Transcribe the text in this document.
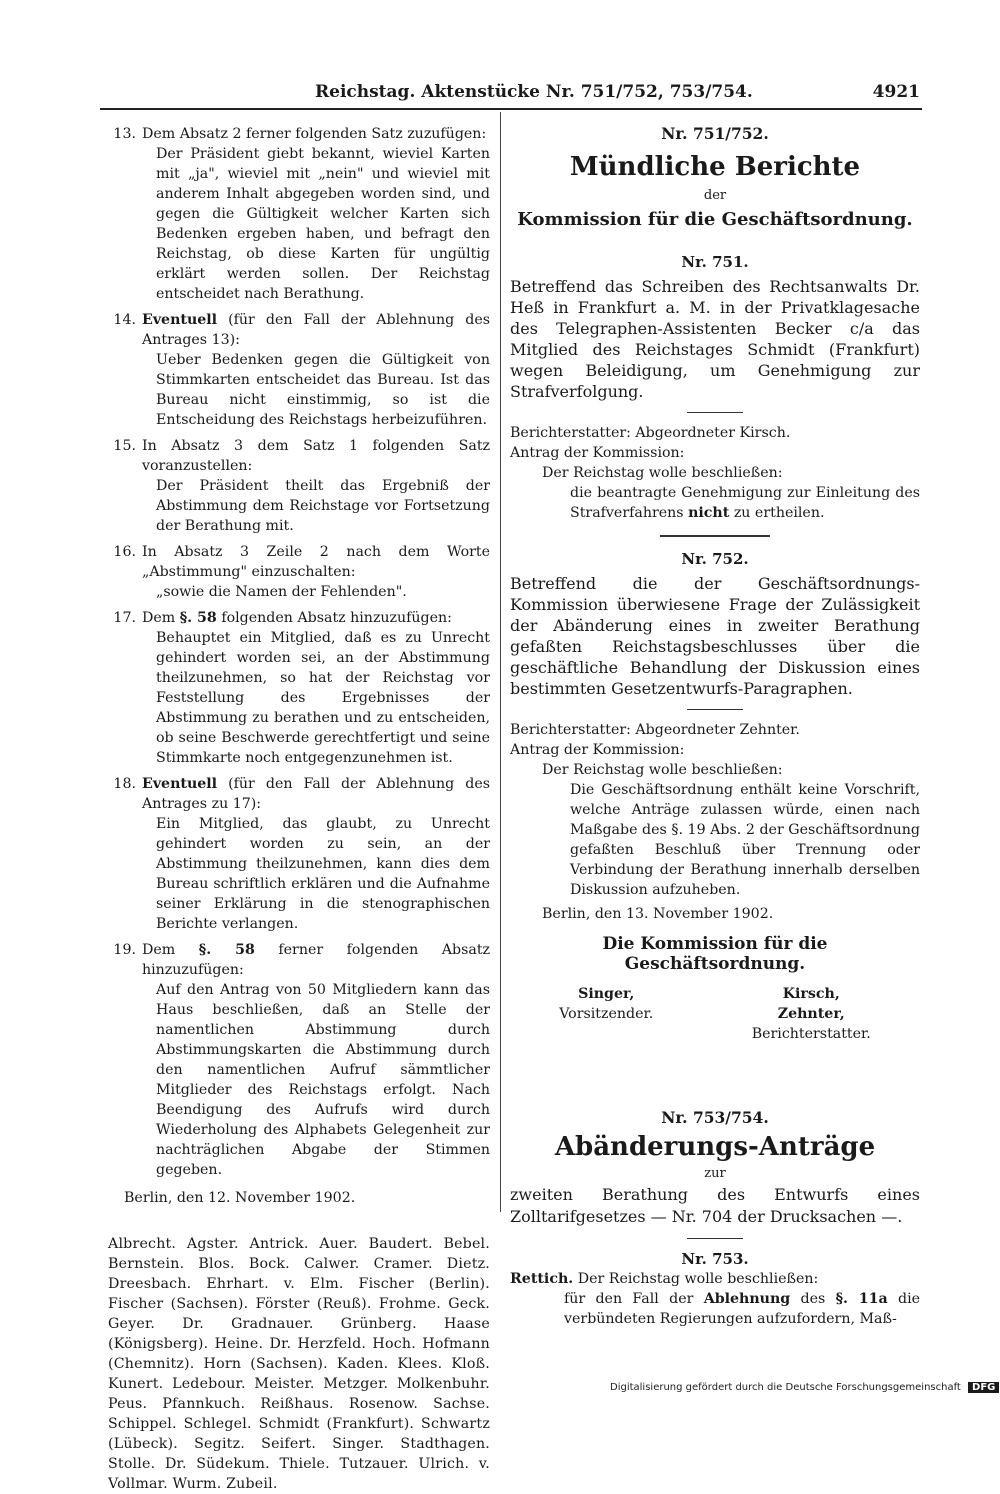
Reichstag. Aktenstücke Nr. 751/752, 753/754.	4921
13. Dem Absatz 2 ferner folgenden Satz zuzufügen:
Der Präsident giebt bekannt, wieviel Karten mit „ja", wieviel mit „nein" und wieviel mit anderem Inhalt abgegeben worden sind, und gegen die Gültigkeit welcher Karten sich Bedenken ergeben haben, und befragt den Reichstag, ob diese Karten für ungültig erklärt werden sollen. Der Reichstag entscheidet nach Berathung.
14. Eventuell (für den Fall der Ablehnung des Antrages 13):
Ueber Bedenken gegen die Gültigkeit von Stimmkarten entscheidet das Bureau. Ist das Bureau nicht einstimmig, so ist die Entscheidung des Reichstags herbeizuführen.
15. In Absatz 3 dem Satz 1 folgenden Satz voranzustellen:
Der Präsident theilt das Ergebniß der Abstimmung dem Reichstage vor Fortsetzung der Berathung mit.
16. In Absatz 3 Zeile 2 nach dem Worte „Abstimmung" einzuschalten:
„sowie die Namen der Fehlenden".
17. Dem §. 58 folgenden Absatz hinzuzufügen:
Behauptet ein Mitglied, daß es zu Unrecht gehindert worden sei, an der Abstimmung theilzunehmen, so hat der Reichstag vor Feststellung des Ergebnisses der Abstimmung zu berathen und zu entscheiden, ob seine Beschwerde gerechtfertigt und seine Stimmkarte noch entgegenzunehmen ist.
18. Eventuell (für den Fall der Ablehnung des Antrages zu 17):
Ein Mitglied, das glaubt, zu Unrecht gehindert worden zu sein, an der Abstimmung theilzunehmen, kann dies dem Bureau schriftlich erklären und die Aufnahme seiner Erklärung in die stenographischen Berichte verlangen.
19. Dem §. 58 ferner folgenden Absatz hinzuzufügen:
Auf den Antrag von 50 Mitgliedern kann das Haus beschließen, daß an Stelle der namentlichen Abstimmung durch Abstimmungskarten die Abstimmung durch den namentlichen Aufruf sämmtlicher Mitglieder des Reichstags erfolgt. Nach Beendigung des Aufrufs wird durch Wiederholung des Alphabets Gelegenheit zur nachträglichen Abgabe der Stimmen gegeben.
Berlin, den 12. November 1902.
Albrecht. Agster. Antrick. Auer. Baudert. Bebel. Bernstein. Blos. Bock. Calwer. Cramer. Dietz. Dreesbach. Ehrhart. v. Elm. Fischer (Berlin). Fischer (Sachsen). Förster (Reuß). Frohme. Geck. Geyer. Dr. Gradnauer. Grünberg. Haase (Königsberg). Heine. Dr. Herzfeld. Hoch. Hofmann (Chemnitz). Horn (Sachsen). Kaden. Klees. Kloß. Kunert. Ledebour. Meister. Metzger. Molkenbuhr. Peus. Pfannkuch. Reißhaus. Rosenow. Sachse. Schippel. Schlegel. Schmidt (Frankfurt). Schwartz (Lübeck). Segitz. Seifert. Singer. Stadthagen. Stolle. Dr. Südekum. Thiele. Tutzauer. Ulrich. v. Vollmar. Wurm. Zubeil.
Nr. 751/752.
Mündliche Berichte
der
Kommission für die Geschäftsordnung.
Nr. 751.
Betreffend das Schreiben des Rechtsanwalts Dr. Heß in Frankfurt a. M. in der Privatklagesache des Telegraphen-Assistenten Becker c/a das Mitglied des Reichstages Schmidt (Frankfurt) wegen Beleidigung, um Genehmigung zur Strafverfolgung.
Berichterstatter: Abgeordneter Kirsch.
Antrag der Kommission:
Der Reichstag wolle beschließen:
die beantragte Genehmigung zur Einleitung des Strafverfahrens nicht zu ertheilen.
Nr. 752.
Betreffend die der Geschäftsordnungs-Kommission überwiesene Frage der Zulässigkeit der Abänderung eines in zweiter Berathung gefaßten Reichstagsbeschlusses über die geschäftliche Behandlung der Diskussion eines bestimmten Gesetzentwurfs-Paragraphen.
Berichterstatter: Abgeordneter Zehnter.
Antrag der Kommission:
Der Reichstag wolle beschließen:
Die Geschäftsordnung enthält keine Vorschrift, welche Anträge zulassen würde, einen nach Maßgabe des §. 19 Abs. 2 der Geschäftsordnung gefaßten Beschluß über Trennung oder Verbindung der Berathung innerhalb derselben Diskussion aufzuheben.
Berlin, den 13. November 1902.
Die Kommission für die Geschäftsordnung.
Singer,
Vorsitzender.
Kirsch,
Zehnter,
Berichterstatter.
Nr. 753/754.
Abänderungs-Anträge
zur
zweiten Berathung des Entwurfs eines Zolltarifgesetzes — Nr. 704 der Drucksachen —.
Nr. 753.
Rettich. Der Reichstag wolle beschließen:
für den Fall der Ablehnung des §. 11a die verbündeten Regierungen aufzufordern, Maß-
Digitalisierung gefördert durch die Deutsche Forschungsgemeinschaft DFG
